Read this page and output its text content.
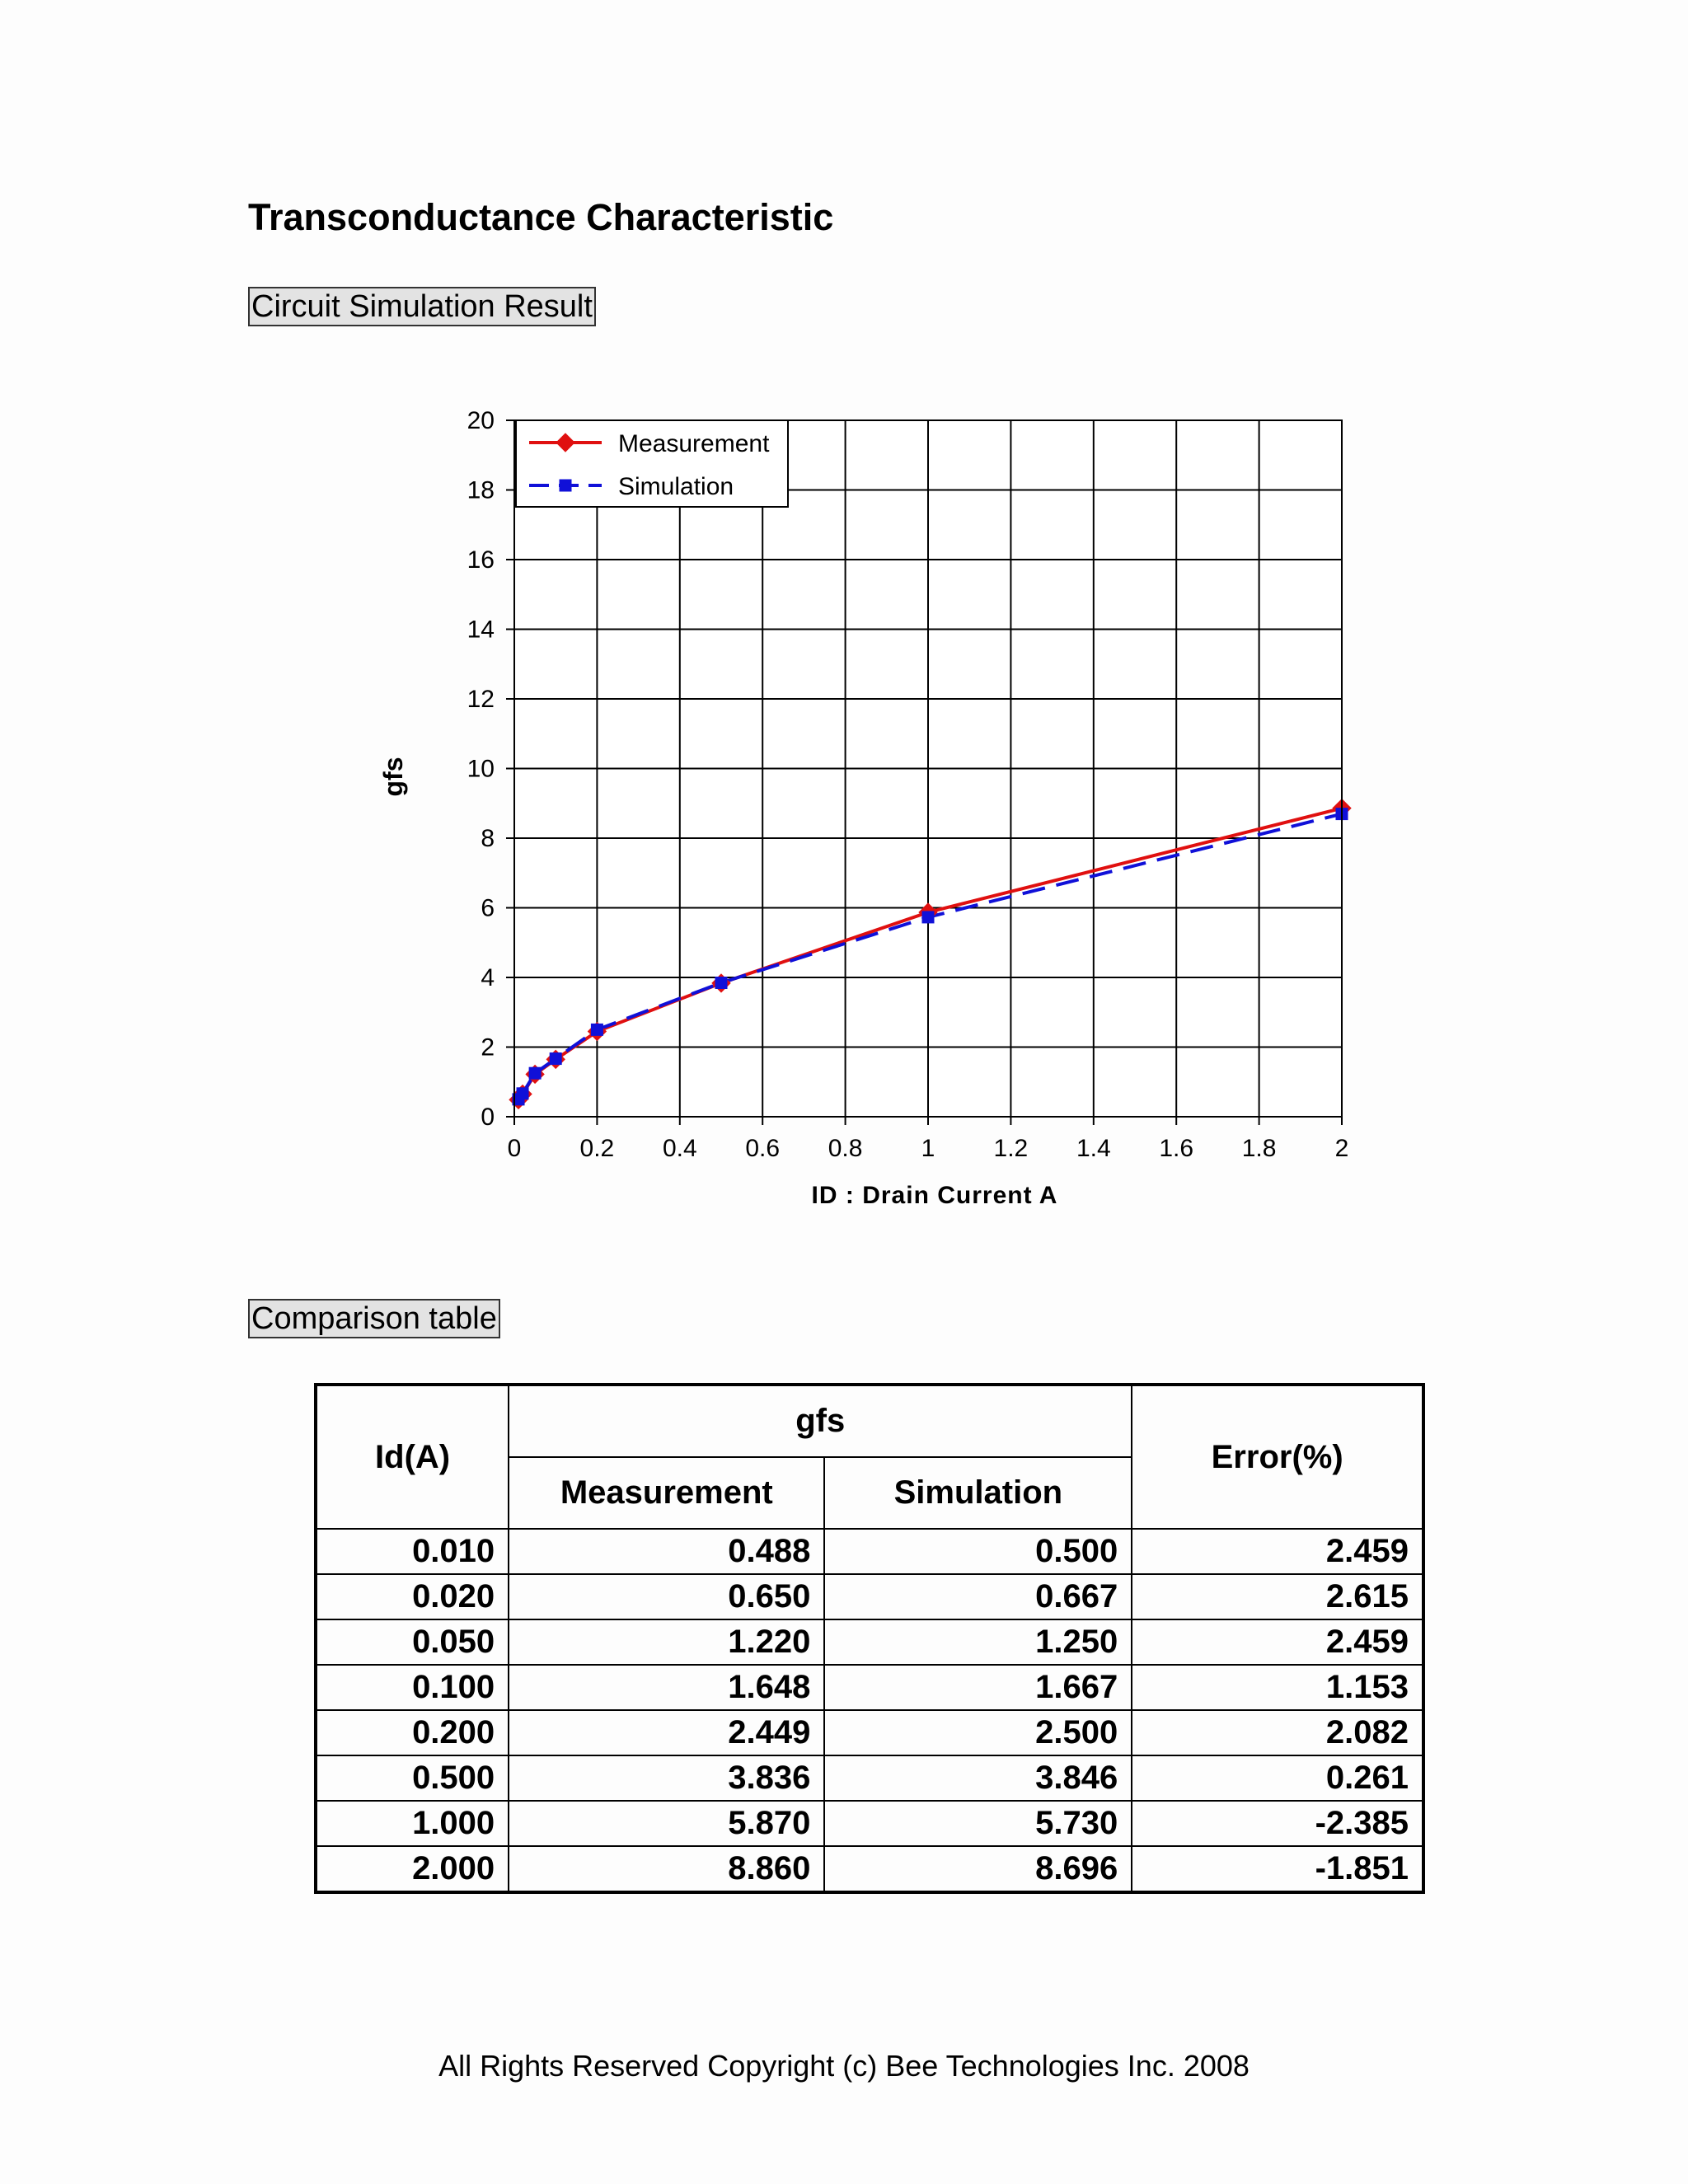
Transconductance Characteristic
Circuit Simulation Result
0 0.2 0.4 0.6 0.8 1 1.2 1.4 1.6 1.8 2
0
2
4
6
8
10
12
14
16
18
20
ID : Drain Current A
gfs
Measurement
Simulation
Comparison table
Id(A)	gfs		Error(%)
	Measurement	Simulation	
0.010	0.488	0.500	2.459
0.020	0.650	0.667	2.615
0.050	1.220	1.250	2.459
0.100	1.648	1.667	1.153
0.200	2.449	2.500	2.082
0.500	3.836	3.846	0.261
1.000	5.870	5.730	-2.385
2.000	8.860	8.696	-1.851
All Rights Reserved Copyright (c) Bee Technologies Inc. 2008
